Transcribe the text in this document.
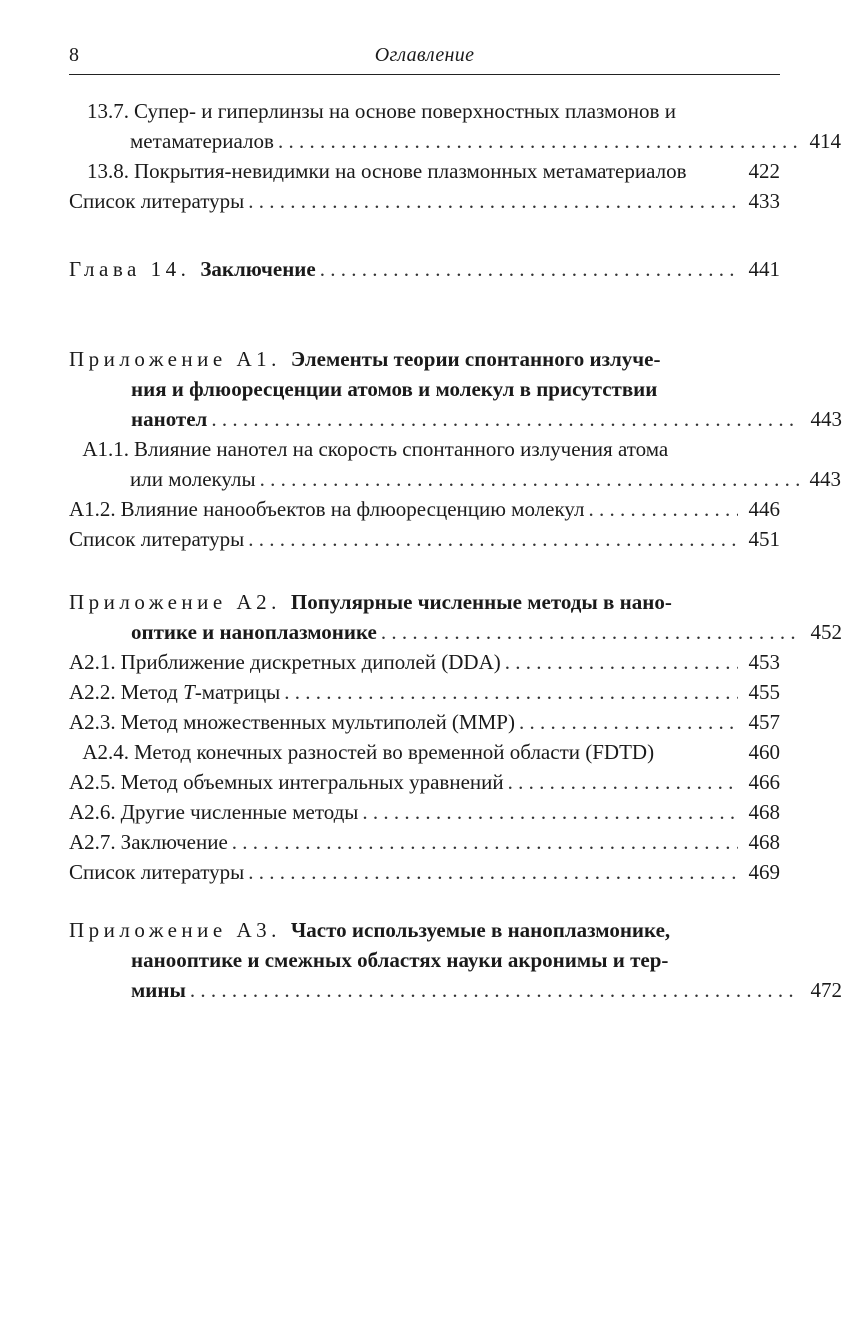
8	Оглавление
13.7. Супер- и гиперлинзы на основе поверхностных плазмонов и
метаматериалов . . .	414
13.8. Покрытия-невидимки на основе плазмонных метаматериалов	422
Список литературы . . .	433
Глава 14. Заключение . . .	441
Приложение А1. Элементы теории спонтанного излуче-
ния и флюоресценции атомов и молекул в присутствии
нанотел . . .	443
А1.1. Влияние нанотел на скорость спонтанного излучения атома
или молекулы . . .	443
А1.2. Влияние нанообъектов на флюоресценцию молекул . . .	446
Список литературы . . .	451
Приложение А2. Популярные численные методы в нано-
оптике и наноплазмонике . . .	452
А2.1. Приближение дискретных диполей (DDA) . . .	453
А2.2. Метод T-матрицы . . .	455
А2.3. Метод множественных мультиполей (MMP) . . .	457
А2.4. Метод конечных разностей во временной области (FDTD)	460
А2.5. Метод объемных интегральных уравнений . . .	466
А2.6. Другие численные методы . . .	468
А2.7. Заключение . . .	468
Список литературы . . .	469
Приложение А3. Часто используемые в наноплазмонике,
нанооптике и смежных областях науки акронимы и тер-
мины . . .	472
